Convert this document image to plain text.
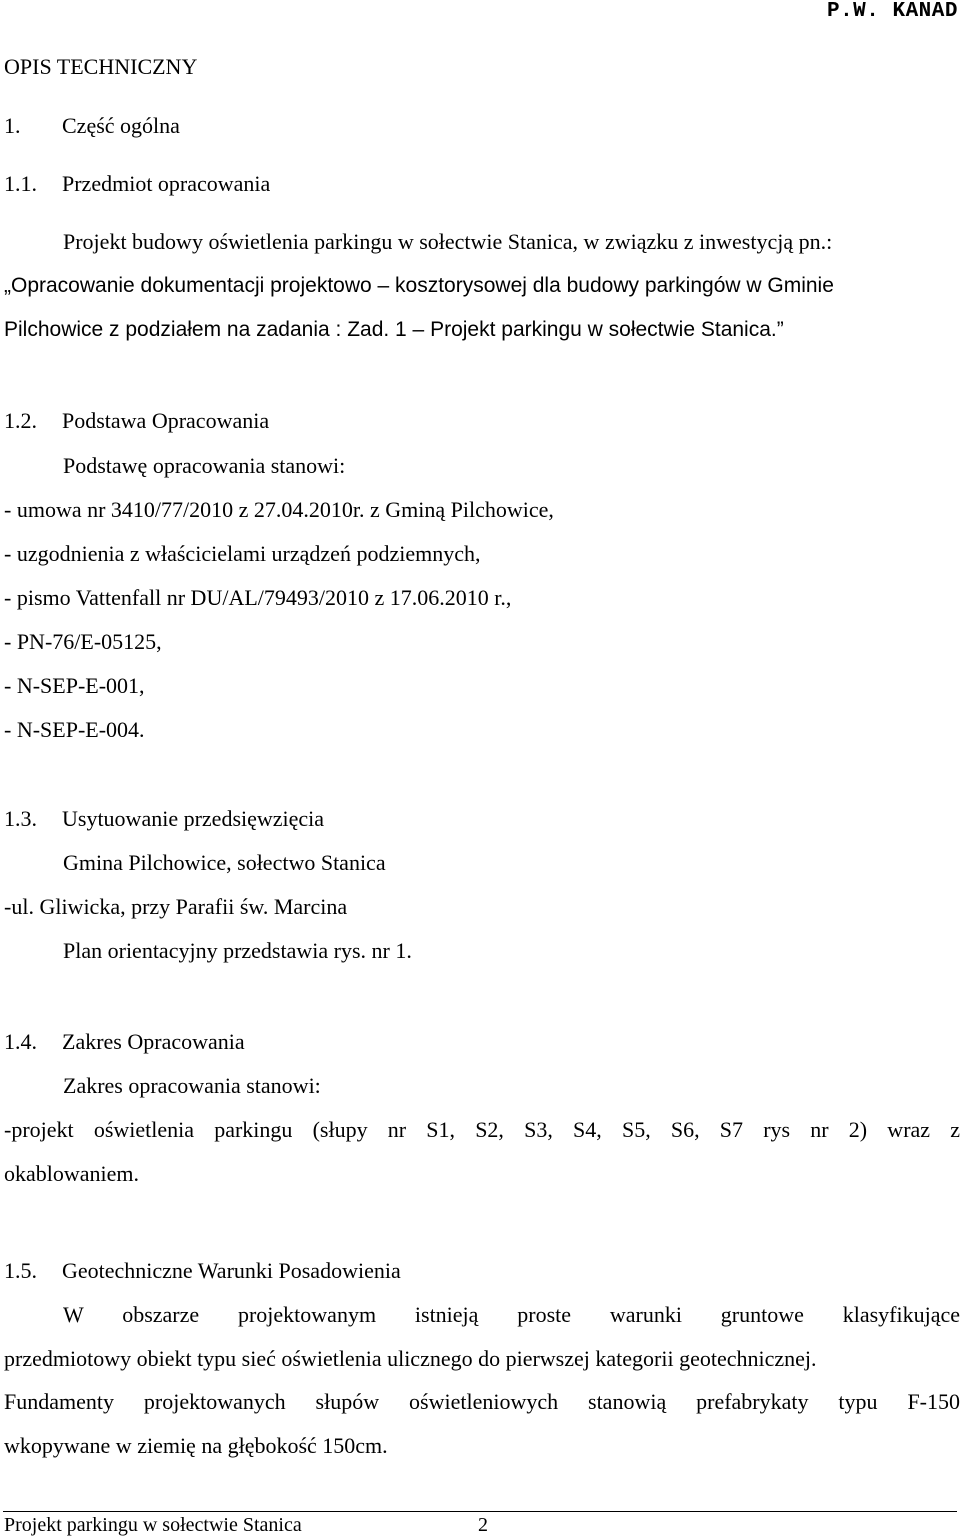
P.W. KANAD
OPIS TECHNICZNY
1. Część ogólna
1.1. Przedmiot opracowania
Projekt budowy oświetlenia parkingu w sołectwie Stanica, w związku z inwestycją pn.:
„Opracowanie dokumentacji projektowo – kosztorysowej dla budowy parkingów w Gminie
Pilchowice z podziałem na zadania : Zad. 1 – Projekt parkingu w sołectwie Stanica.”
1.2. Podstawa Opracowania
Podstawę opracowania stanowi:
- umowa nr 3410/77/2010 z 27.04.2010r. z Gminą Pilchowice,
- uzgodnienia z właścicielami urządzeń podziemnych,
- pismo Vattenfall nr DU/AL/79493/2010 z 17.06.2010 r.,
- PN-76/E-05125,
- N-SEP-E-001,
- N-SEP-E-004.
1.3. Usytuowanie przedsięwzięcia
Gmina Pilchowice, sołectwo Stanica
-ul. Gliwicka, przy Parafii św. Marcina
Plan orientacyjny przedstawia rys. nr 1.
1.4. Zakres Opracowania
Zakres opracowania stanowi:
-projekt oświetlenia parkingu (słupy nr S1, S2, S3, S4, S5, S6, S7 rys nr 2) wraz z
okablowaniem.
1.5. Geotechniczne Warunki Posadowienia
W obszarze projektowanym istnieją proste warunki gruntowe klasyfikujące
przedmiotowy obiekt typu sieć oświetlenia ulicznego do pierwszej kategorii geotechnicznej.
Fundamenty projektowanych słupów oświetleniowych stanowią prefabrykaty typu F-150
wkopywane w ziemię na głębokość 150cm.
Projekt parkingu w sołectwie Stanica	2
